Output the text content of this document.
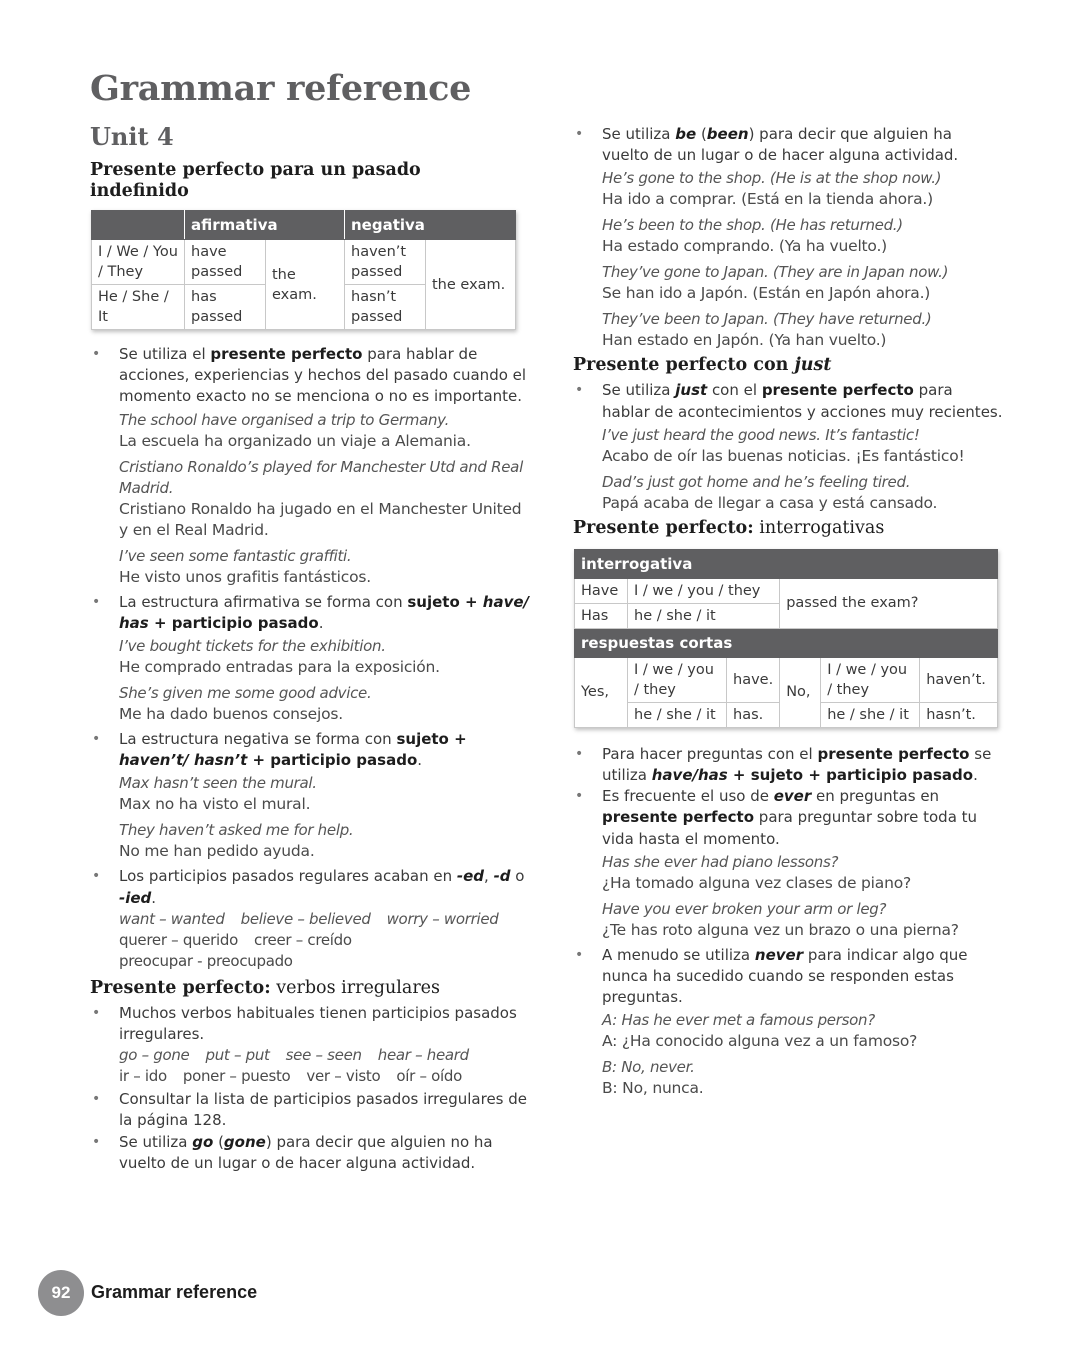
Grammar reference
Unit 4
Presente perfecto para un pasado indefinido
	afirmativa		negativa	
I / We / You / They	have passed	the exam.	haven’t passed	the exam.
He / She / It	has passed		hasn’t passed	
• Se utiliza el presente perfecto para hablar de acciones, experiencias y hechos del pasado cuando el momento exacto no se menciona o no es importante.
The school have organised a trip to Germany.
La escuela ha organizado un viaje a Alemania.
Cristiano Ronaldo’s played for Manchester Utd and Real Madrid.
Cristiano Ronaldo ha jugado en el Manchester United y en el Real Madrid.
I’ve seen some fantastic graffiti.
He visto unos grafitis fantásticos.
• La estructura afirmativa se forma con sujeto + have/ has + participio pasado.
I’ve bought tickets for the exhibition.
He comprado entradas para la exposición.
She’s given me some good advice.
Me ha dado buenos consejos.
• La estructura negativa se forma con sujeto + haven’t/ hasn’t + participio pasado.
Max hasn’t seen the mural.
Max no ha visto el mural.
They haven’t asked me for help.
No me han pedido ayuda.
• Los participios pasados regulares acaban en -ed, -d o -ied.
want – wanted believe – believed worry – worried
querer – querido creer – creído
preocupar - preocupado
Presente perfecto: verbos irregulares
• Muchos verbos habituales tienen participios pasados irregulares.
go – gone put – put see – seen hear – heard
ir – ido poner – puesto ver – visto oír – oído
• Consultar la lista de participios pasados irregulares de la página 128.
• Se utiliza go (gone) para decir que alguien no ha vuelto de un lugar o de hacer alguna actividad.
• Se utiliza be (been) para decir que alguien ha vuelto de un lugar o de hacer alguna actividad.
He’s gone to the shop. (He is at the shop now.)
Ha ido a comprar. (Está en la tienda ahora.)
He’s been to the shop. (He has returned.)
Ha estado comprando. (Ya ha vuelto.)
They’ve gone to Japan. (They are in Japan now.)
Se han ido a Japón. (Están en Japón ahora.)
They’ve been to Japan. (They have returned.)
Han estado en Japón. (Ya han vuelto.)
Presente perfecto con just
• Se utiliza just con el presente perfecto para hablar de acontecimientos y acciones muy recientes.
I’ve just heard the good news. It’s fantastic!
Acabo de oír las buenas noticias. ¡Es fantástico!
Dad’s just got home and he’s feeling tired.
Papá acaba de llegar a casa y está cansado.
Presente perfecto: interrogativas
interrogativa					
Have	I / we / you / they		passed the exam?		
Has	he / she / it				
respuestas cortas					
Yes,	I / we / you / they	have.	No,	I / we / you / they	haven’t.
	he / she / it	has.		he / she / it	hasn’t.
• Para hacer preguntas con el presente perfecto se utiliza have/has + sujeto + participio pasado.
• Es frecuente el uso de ever en preguntas en presente perfecto para preguntar sobre toda tu vida hasta el momento.
Has she ever had piano lessons?
¿Ha tomado alguna vez clases de piano?
Have you ever broken your arm or leg?
¿Te has roto alguna vez un brazo o una pierna?
• A menudo se utiliza never para indicar algo que nunca ha sucedido cuando se responden estas preguntas.
A: Has he ever met a famous person?
A: ¿Ha conocido alguna vez a un famoso?
B: No, never.
B: No, nunca.
92	Grammar reference
